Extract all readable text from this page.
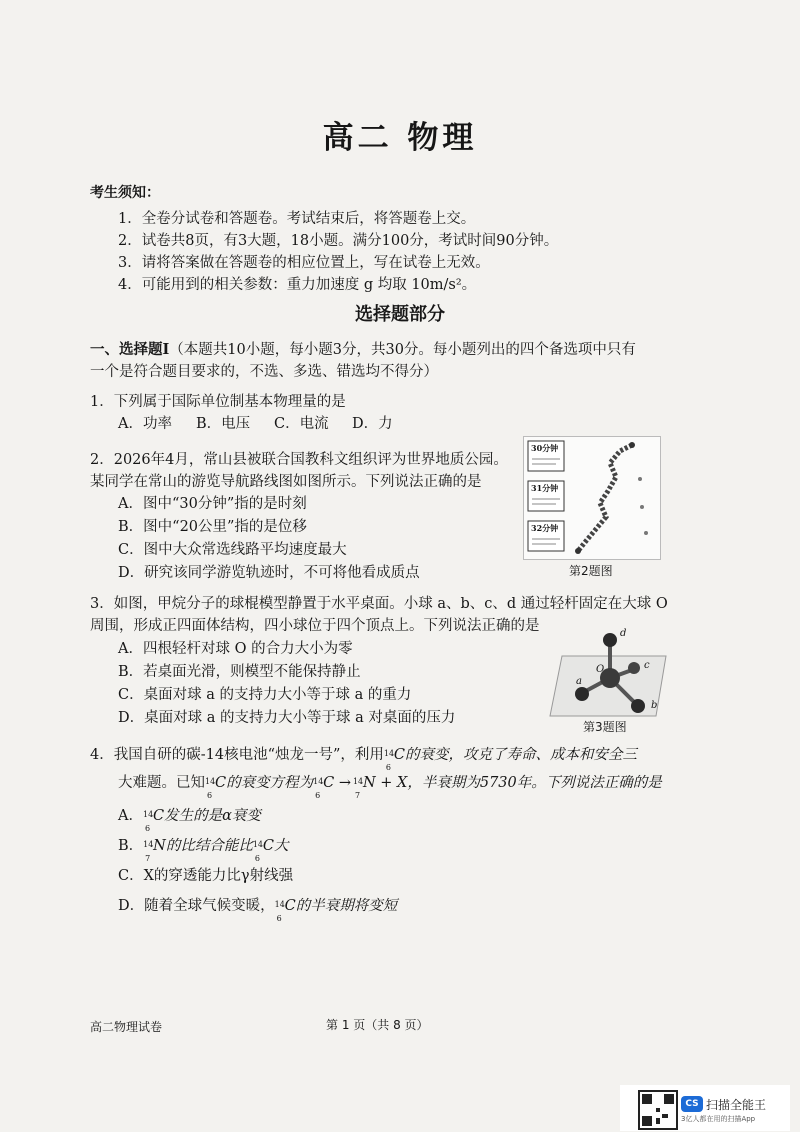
高二 物理
考生须知：
1．全卷分试卷和答题卷。考试结束后，将答题卷上交。
2．试卷共8页，有3大题，18小题。满分100分，考试时间90分钟。
3．请将答案做在答题卷的相应位置上，写在试卷上无效。
4．可能用到的相关参数：重力加速度 g 均取 10m/s²。
选择题部分
一、选择题Ⅰ（本题共10小题，每小题3分，共30分。每小题列出的四个备选项中只有
一个是符合题目要求的，不选、多选、错选均不得分）
1．下列属于国际单位制基本物理量的是
A．功率 B．电压 C．电流 D．力
2．2026年4月，常山县被联合国教科文组织评为世界地质公园。
某同学在常山的游览导航路线图如图所示。下列说法正确的是
A．图中“30分钟”指的是时刻
B．图中“20公里”指的是位移
C．图中大众常选线路平均速度最大
D．研究该同学游览轨迹时，不可将他看成质点
30分钟
31分钟
32分钟
第2题图
3．如图，甲烷分子的球棍模型静置于水平桌面。小球 a、b、c、d 通过轻杆固定在大球 O
周围，形成正四面体结构，四小球位于四个顶点上。下列说法正确的是
A．四根轻杆对球 O 的合力大小为零
B．若桌面光滑，则模型不能保持静止
C．桌面对球 a 的支持力大小等于球 a 的重力
D．桌面对球 a 的支持力大小等于球 a 对桌面的压力
d
O	c
a
b
第3题图
4．我国自研的碳-14核电池“烛龙一号”，利用 14
6
C的衰变，攻克了寿命、成本和安全三
大难题。已知 14
6
C的衰变方程为 14
6
C → 14
7
N + X，半衰期为5730年。下列说法正确的是
A． 14
6
C发生的是α衰变
B． 14
7
N的比结合能比 14
6
C大
C．X的穿透能力比γ射线强
D．随着全球气候变暖， 14
6
C的半衰期将变短
高二物理试卷	第 1 页（共 8 页）
CS 扫描全能王
3亿人都在用的扫描App
